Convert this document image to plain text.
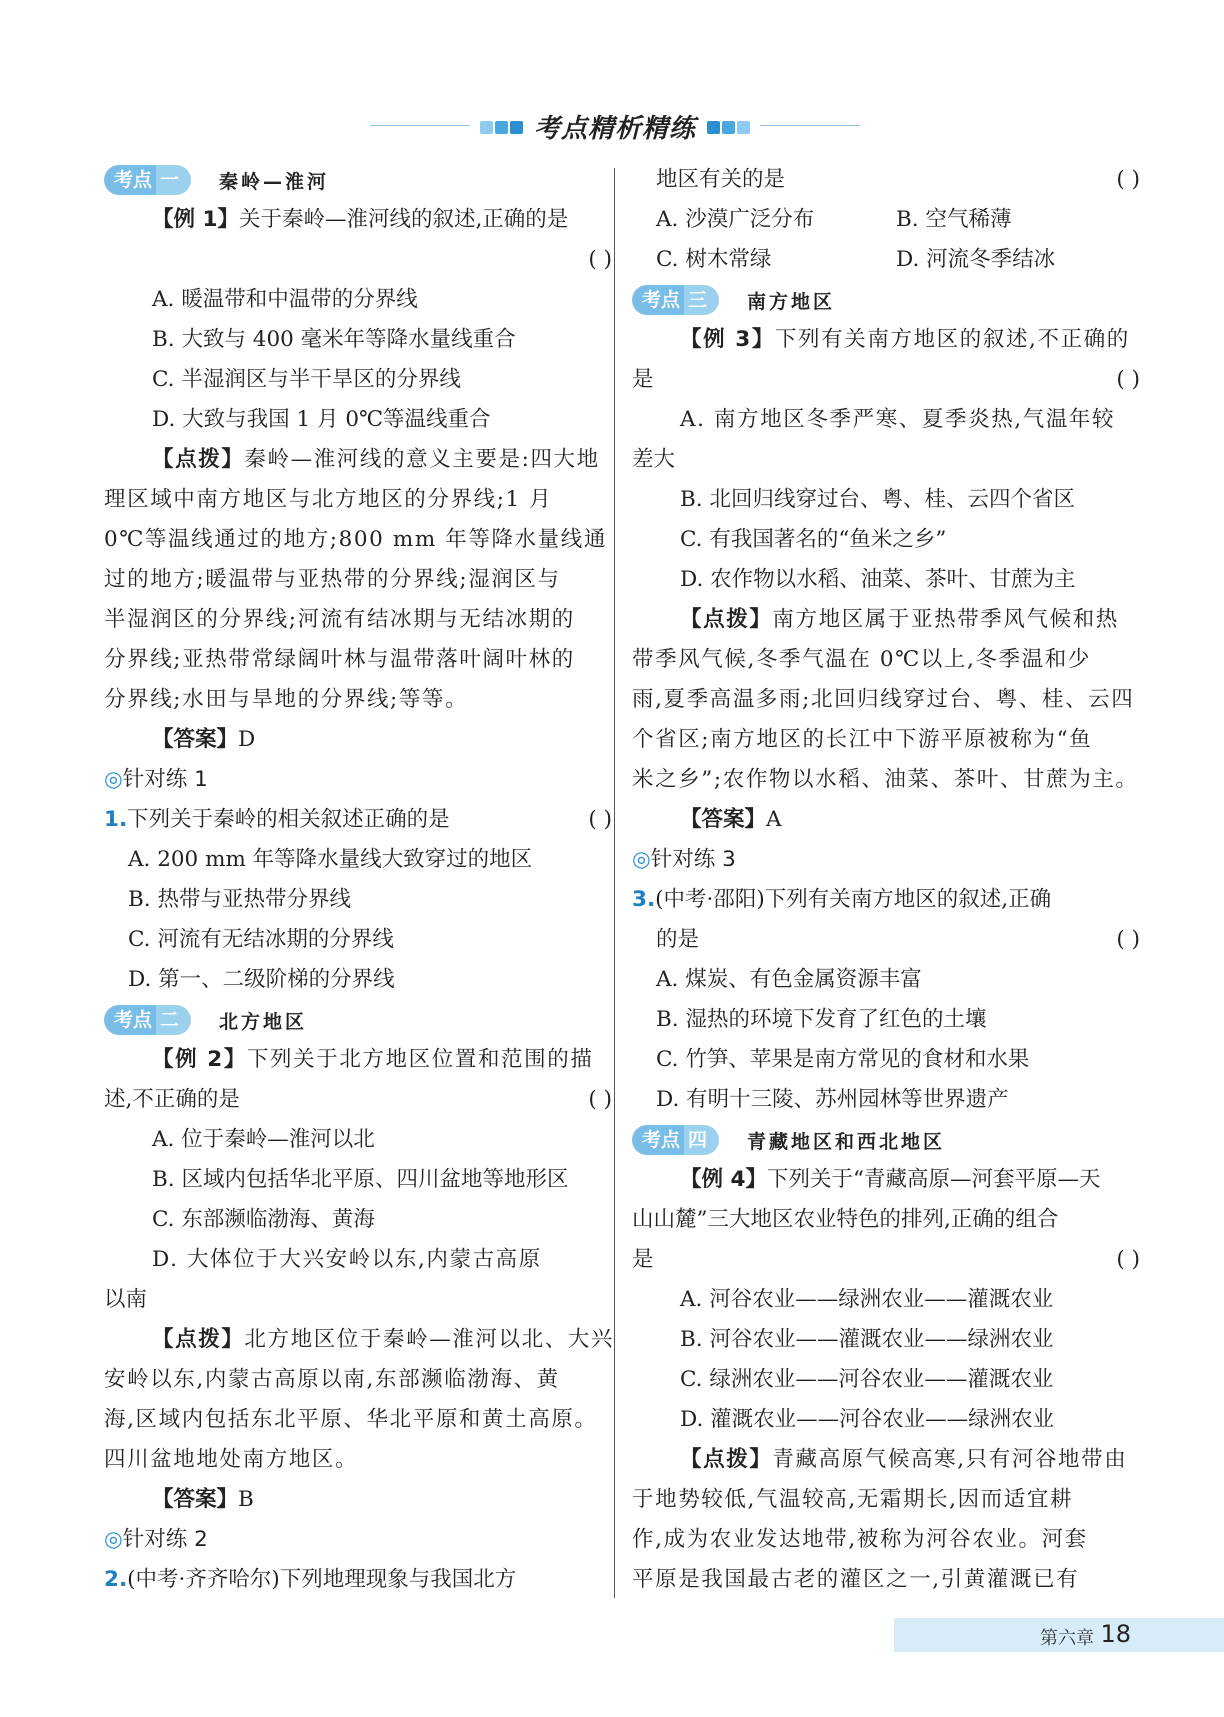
考点精析精练
考点 一	秦岭—淮河
【例 1】关于秦岭—淮河线的叙述,正确的是
( )
A. 暖温带和中温带的分界线
B. 大致与 400 毫米年等降水量线重合
C. 半湿润区与半干旱区的分界线
D. 大致与我国 1 月 0℃等温线重合
【点拨】秦岭—淮河线的意义主要是:四大地
理区域中南方地区与北方地区的分界线;1 月
0℃等温线通过的地方;800 mm 年等降水量线通
过的地方;暖温带与亚热带的分界线;湿润区与
半湿润区的分界线;河流有结冰期与无结冰期的
分界线;亚热带常绿阔叶林与温带落叶阔叶林的
分界线;水田与旱地的分界线;等等。
【答案】D
◎针对练 1
1.下列关于秦岭的相关叙述正确的是	( )
A. 200 mm 年等降水量线大致穿过的地区
B. 热带与亚热带分界线
C. 河流有无结冰期的分界线
D. 第一、二级阶梯的分界线
考点 二	北方地区
【例 2】下列关于北方地区位置和范围的描
述,不正确的是	( )
A. 位于秦岭—淮河以北
B. 区域内包括华北平原、四川盆地等地形区
C. 东部濒临渤海、黄海
D. 大体位于大兴安岭以东,内蒙古高原
以南
【点拨】北方地区位于秦岭—淮河以北、大兴
安岭以东,内蒙古高原以南,东部濒临渤海、黄
海,区域内包括东北平原、华北平原和黄土高原。
四川盆地地处南方地区。
【答案】B
◎针对练 2
2.(中考·齐齐哈尔)下列地理现象与我国北方
地区有关的是	( )
A. 沙漠广泛分布	B. 空气稀薄
C. 树木常绿	D. 河流冬季结冰
考点 三	南方地区
【例 3】下列有关南方地区的叙述,不正确的
是	( )
A. 南方地区冬季严寒、夏季炎热,气温年较
差大
B. 北回归线穿过台、粤、桂、云四个省区
C. 有我国著名的“鱼米之乡”
D. 农作物以水稻、油菜、茶叶、甘蔗为主
【点拨】南方地区属于亚热带季风气候和热
带季风气候,冬季气温在 0℃以上,冬季温和少
雨,夏季高温多雨;北回归线穿过台、粤、桂、云四
个省区;南方地区的长江中下游平原被称为“鱼
米之乡”;农作物以水稻、油菜、茶叶、甘蔗为主。
【答案】A
◎针对练 3
3.(中考·邵阳)下列有关南方地区的叙述,正确
的是	( )
A. 煤炭、有色金属资源丰富
B. 湿热的环境下发育了红色的土壤
C. 竹笋、苹果是南方常见的食材和水果
D. 有明十三陵、苏州园林等世界遗产
考点 四	青藏地区和西北地区
【例 4】下列关于“青藏高原—河套平原—天
山山麓”三大地区农业特色的排列,正确的组合
是	( )
A. 河谷农业——绿洲农业——灌溉农业
B. 河谷农业——灌溉农业——绿洲农业
C. 绿洲农业——河谷农业——灌溉农业
D. 灌溉农业——河谷农业——绿洲农业
【点拨】青藏高原气候高寒,只有河谷地带由
于地势较低,气温较高,无霜期长,因而适宜耕
作,成为农业发达地带,被称为河谷农业。河套
平原是我国最古老的灌区之一,引黄灌溉已有
第六章 18
